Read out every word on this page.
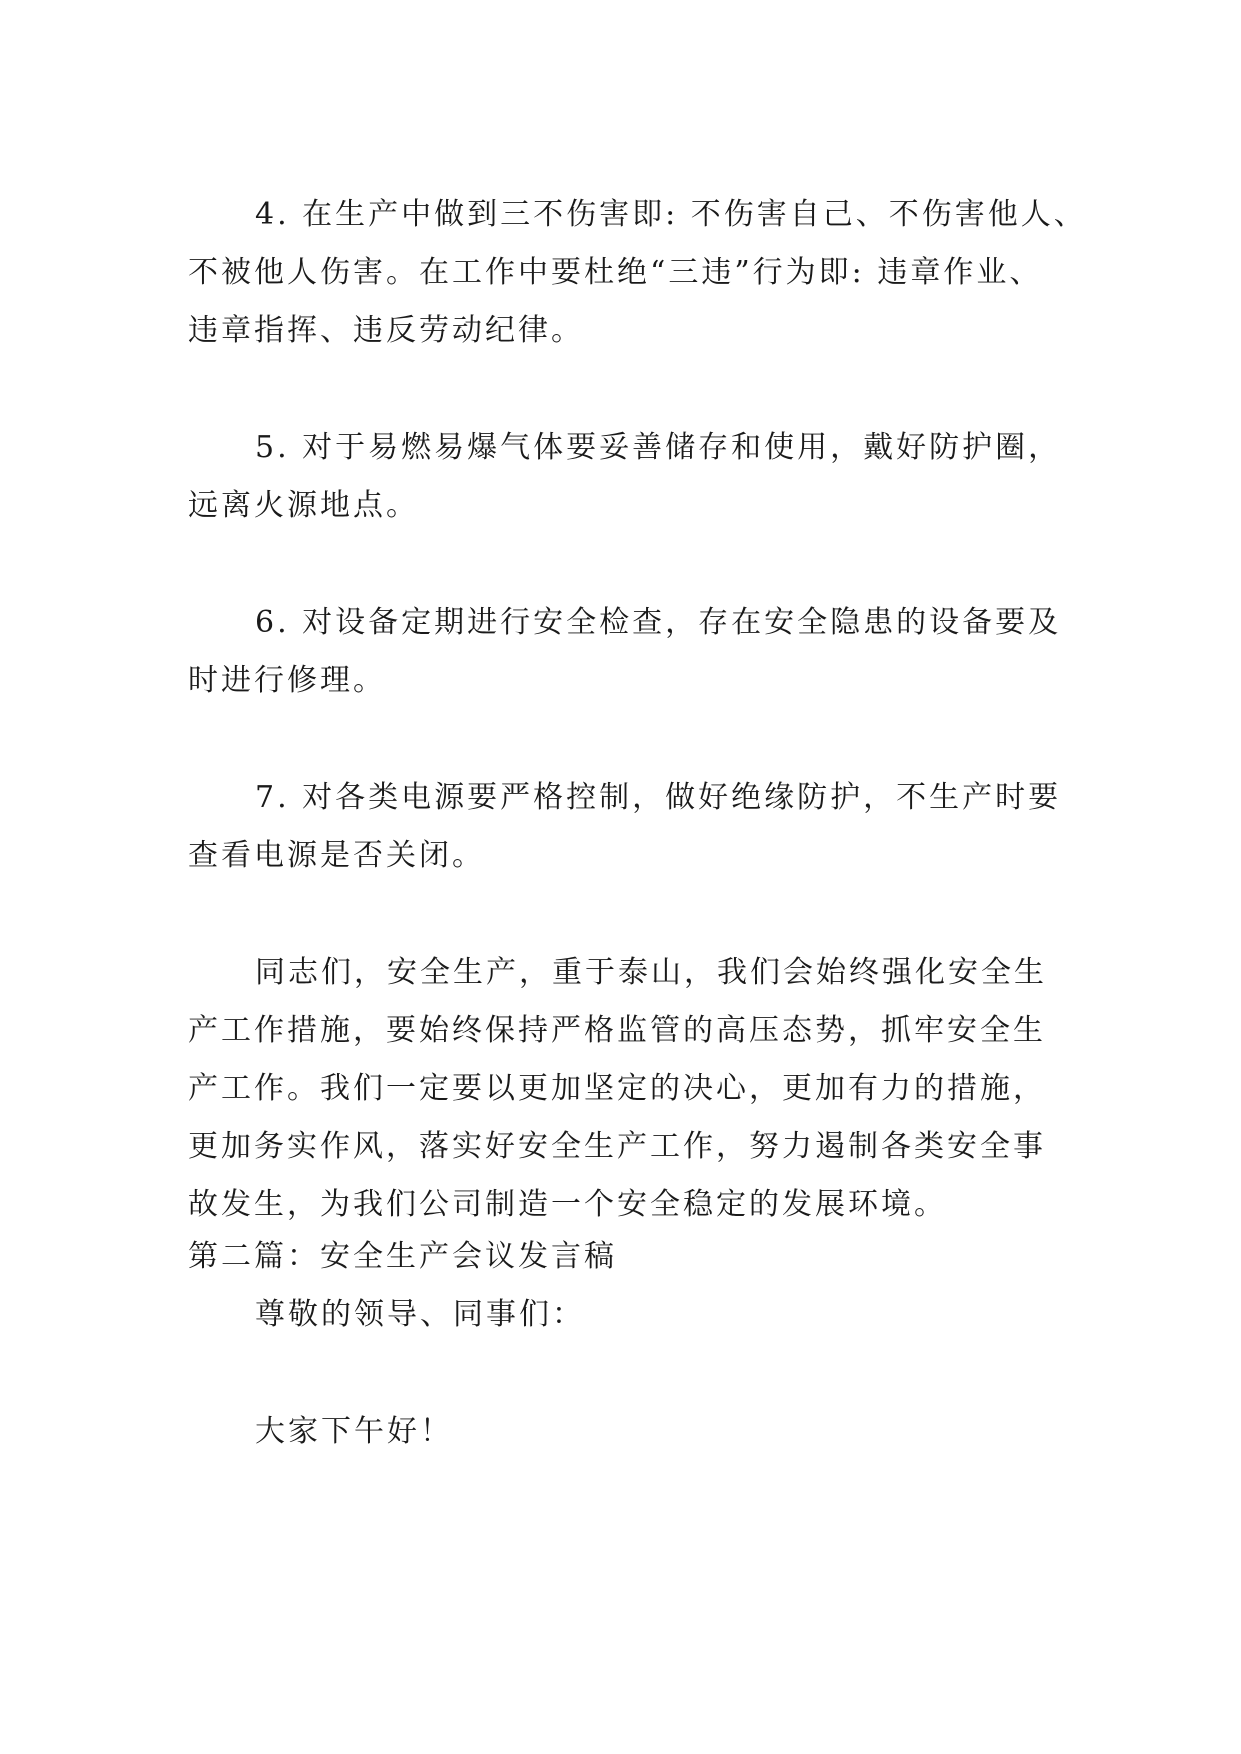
4. 在生产中做到三不伤害即: 不伤害自己、不伤害他人、
不被他人伤害。在工作中要杜绝“三违”行为即: 违章作业、
违章指挥、违反劳动纪律。
5. 对于易燃易爆气体要妥善储存和使用，戴好防护圈，
远离火源地点。
6. 对设备定期进行安全检查，存在安全隐患的设备要及
时进行修理。
7. 对各类电源要严格控制，做好绝缘防护，不生产时要
查看电源是否关闭。
同志们，安全生产，重于泰山，我们会始终强化安全生
产工作措施，要始终保持严格监管的高压态势，抓牢安全生
产工作。我们一定要以更加坚定的决心，更加有力的措施，
更加务实作风，落实好安全生产工作，努力遏制各类安全事
故发生，为我们公司制造一个安全稳定的发展环境。
第二篇：安全生产会议发言稿
尊敬的领导、同事们：
大家下午好！
